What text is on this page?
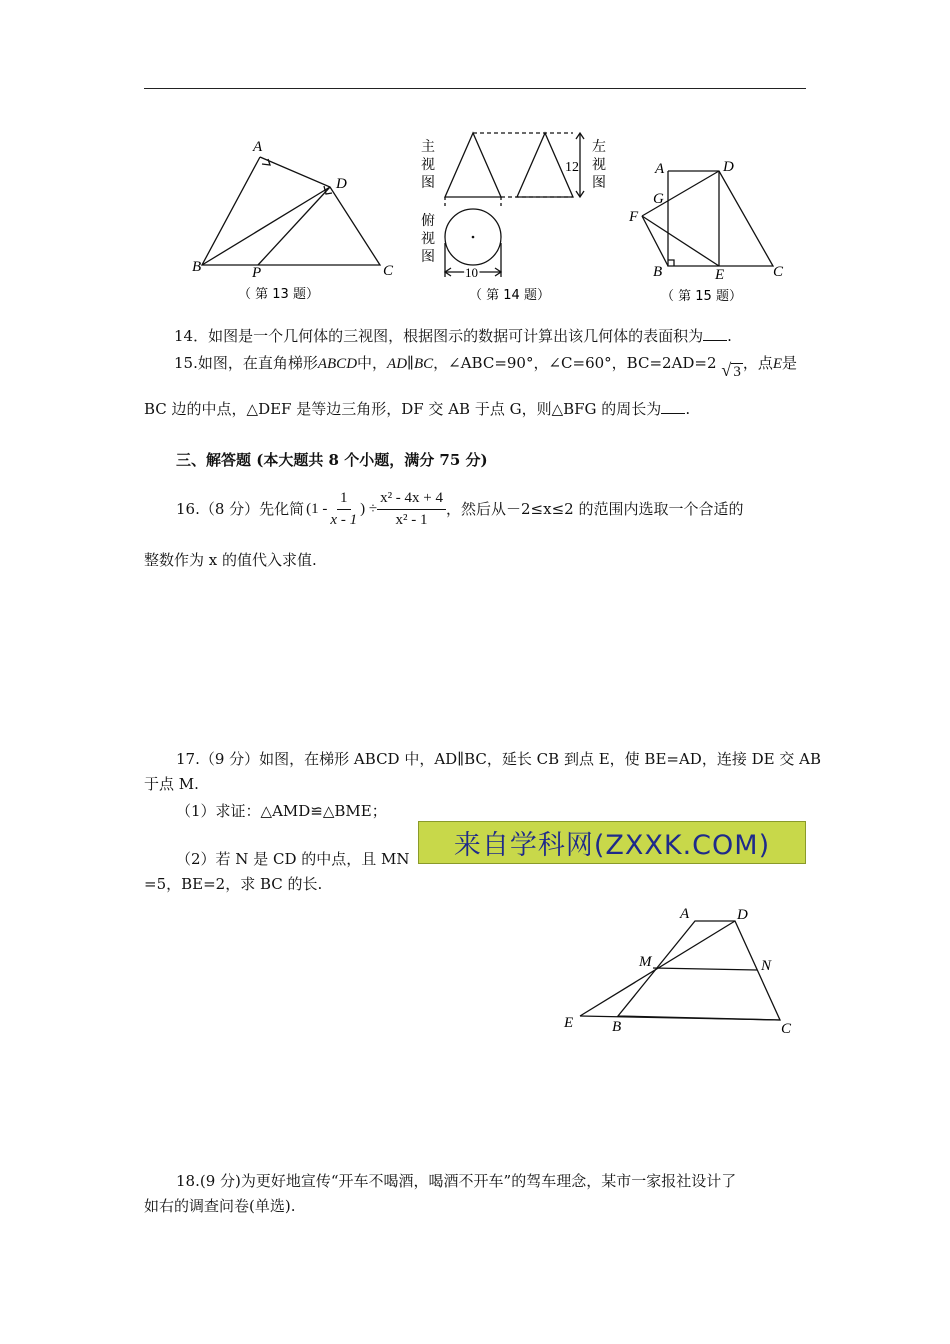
A
D
B	P	C
（ 第 13 题）
主
视
图
左
视
图
俯
视
图
12
10
（ 第 14 题）
A	D
G
F
B	E	C
（ 第 15 题）
14．如图是一个几何体的三视图，根据图示的数据可计算出该几何体的表面积为 .
15.如图，在直角梯形ABCD中，AD∥BC，∠ABC=90°，∠C=60°，BC=2AD=2 √ 3 ，点E是
BC 边的中点，△DEF 是等边三角形，DF 交 AB 于点 G，则△BFG 的周长为 .
三、解答题 (本大题共 8 个小题，满分 75 分)
16.（8 分）先化简 ($1 - \frac{1}{x - 1}$ ) ÷ $\frac{\text{x² - 4x + 4}}{\text{x² - 1}}$ ，然后从－2≤x≤2 的范围内选取一个合适的
整数作为 x 的值代入求值.
17.（9 分）如图，在梯形 ABCD 中，AD∥BC，延长 CB 到点 E，使 BE=AD，连接 DE 交 AB
于点 M.
（1）求证：△AMD≌△BME；
（2）若 N 是 CD 的中点，且 MN
=5，BE=2，求 BC 的长.
来自学科网(ZXXK.COM)
A	D
M	N
E	B	C
18.(9 分)为更好地宣传“开车不喝酒，喝酒不开车”的驾车理念，某市一家报社设计了
如右的调查问卷(单选).
